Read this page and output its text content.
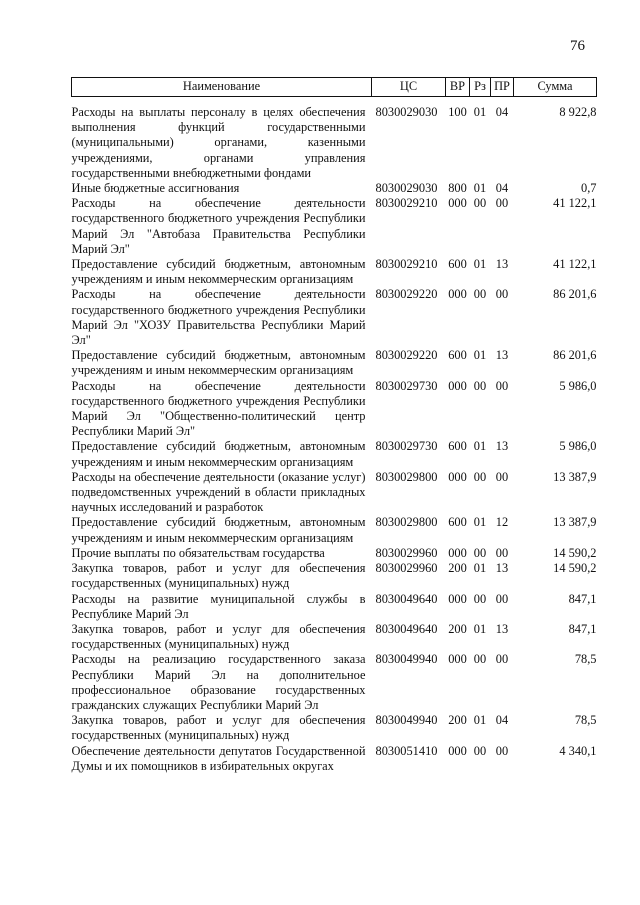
76
Наименование	ЦС	ВР	Рз	ПР	Сумма
Расходы на выплаты персоналу в целях обеспечения выполнения функций государственными (муниципальными) органами, казенными учреждениями, органами управления государственными внебюджетными фондами	8030029030	100	01	04	8 922,8
Иные бюджетные ассигнования	8030029030	800	01	04	0,7
Расходы на обеспечение деятельности государственного бюджетного учреждения Республики Марий Эл "Автобаза Правительства Республики Марий Эл"	8030029210	000	00	00	41 122,1
Предоставление субсидий бюджетным, автономным учреждениям и иным некоммерческим организациям	8030029210	600	01	13	41 122,1
Расходы на обеспечение деятельности государственного бюджетного учреждения Республики Марий Эл "ХОЗУ Правительства Республики Марий Эл"	8030029220	000	00	00	86 201,6
Предоставление субсидий бюджетным, автономным учреждениям и иным некоммерческим организациям	8030029220	600	01	13	86 201,6
Расходы на обеспечение деятельности государственного бюджетного учреждения Республики Марий Эл "Общественно-политический центр Республики Марий Эл"	8030029730	000	00	00	5 986,0
Предоставление субсидий бюджетным, автономным учреждениям и иным некоммерческим организациям	8030029730	600	01	13	5 986,0
Расходы на обеспечение деятельности (оказание услуг) подведомственных учреждений в области прикладных научных исследований и разработок	8030029800	000	00	00	13 387,9
Предоставление субсидий бюджетным, автономным учреждениям и иным некоммерческим организациям	8030029800	600	01	12	13 387,9
Прочие выплаты по обязательствам государства	8030029960	000	00	00	14 590,2
Закупка товаров, работ и услуг для обеспечения государственных (муниципальных) нужд	8030029960	200	01	13	14 590,2
Расходы на развитие муниципальной службы в Республике Марий Эл	8030049640	000	00	00	847,1
Закупка товаров, работ и услуг для обеспечения государственных (муниципальных) нужд	8030049640	200	01	13	847,1
Расходы на реализацию государственного заказа Республики Марий Эл на дополнительное профессиональное образование государственных гражданских служащих Республики Марий Эл	8030049940	000	00	00	78,5
Закупка товаров, работ и услуг для обеспечения государственных (муниципальных) нужд	8030049940	200	01	04	78,5
Обеспечение деятельности депутатов Государственной Думы и их помощников в избирательных округах	8030051410	000	00	00	4 340,1
